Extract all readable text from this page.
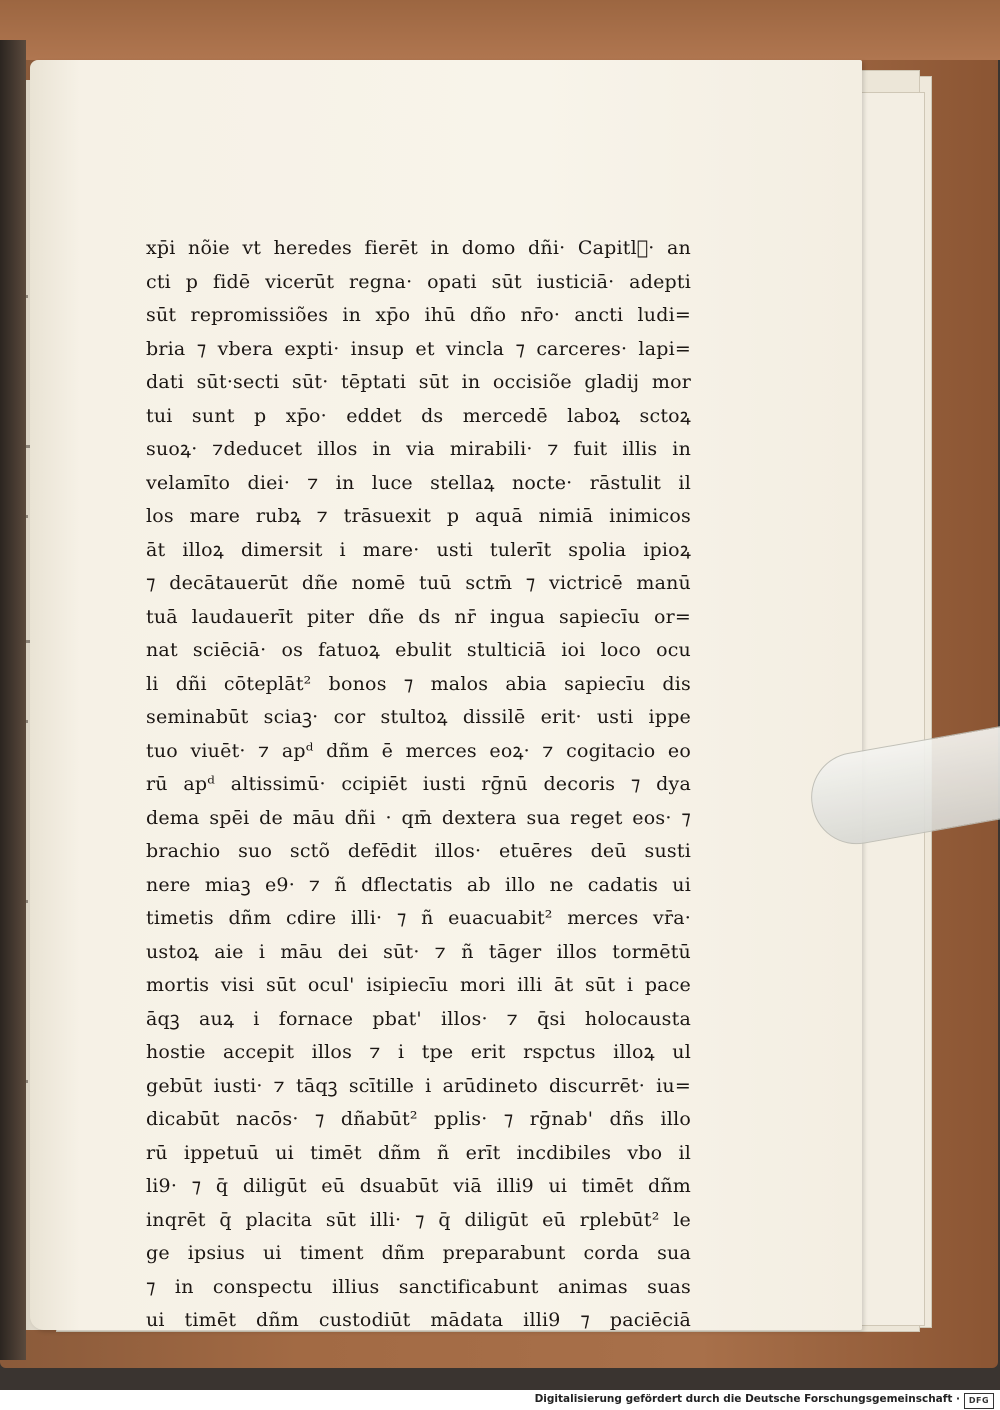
xp̄i nõie vt heredes fierēt in domo dñi· Capitlᷓ· an
cti p fidē vicerūt regna· opati sūt iusticiā· adepti
sūt repromissiões in xp̄o ihū dño nr̄o· ancti ludi=
bria ⁊ vbera expti· insup et vincla ⁊ carceres· lapi=
dati sūt·secti sūt· tēptati sūt in occisiõe gladij mor
tui sunt p xp̄o· eddet ds mercedē laboꝝ sctoꝝ
suoꝝ· ⁊deducet illos in via mirabili· ⁊ fuit illis in
velamīto diei· ⁊ in luce stellaꝝ nocte· rāstulit il
los mare rubꝝ ⁊ trāsuexit p aquā nimiā inimicos
āt illoꝝ dimersit i mare· usti tulerīt spolia ipioꝝ
⁊ decātauerūt dñe nomē tuū sctm̄ ⁊ victricē manū
tuā laudauerīt piter dñe ds nr̄ ingua sapiecīu or=
nat sciēciā· os fatuoꝝ ebulit stulticiā ioi loco ocu
li dñi cōteplāt² bonos ⁊ malos abia sapiecīu dis
seminabūt sciaꝫ· cor stultoꝝ dissilē erit· usti ippe
tuo viuēt· ⁊ apᵈ dñm ē merces eoꝝ· ⁊ cogitacio eo
rū apᵈ altissimū· ccipiēt iusti rḡnū decoris ⁊ dya
dema spēi de māu dñi · qm̄ dextera sua reget eos· ⁊
brachio suo sctõ defēdit illos· etuēres deū susti
nere miaꝫ e9· ⁊ ñ dflectatis ab illo ne cadatis ui
timetis dñm cdire illi· ⁊ ñ euacuabit² merces vr̄a·
ustoꝝ aie i māu dei sūt· ⁊ ñ tāger illos tormētū
mortis visi sūt ocul' isipiecīu mori illi āt sūt i pace
āqꝫ auꝝ i fornace pbat' illos· ⁊ q̄si holocausta
hostie accepit illos ⁊ i tpe erit rspctus illoꝝ ul
gebūt iusti· ⁊ tāqꝫ scītille i arūdineto discurrēt· iu=
dicabūt nacōs· ⁊ dñabūt² pplis· ⁊ rḡnab' dñs illo
rū ippetuū ui timēt dñm ñ erīt incdibiles vbo il
li9· ⁊ q̄ diligūt eū dsuabūt viā illi9 ui timēt dñm
inqrēt q̄ placita sūt illi· ⁊ q̄ diligūt eū rplebūt² le
ge ipsius ui timent dñm preparabunt corda sua
⁊ in conspectu illius sanctificabunt animas suas
ui timēt dñm custodiūt mādata illi9 ⁊ paciēciā
Digitalisierung gefördert durch die Deutsche Forschungsgemeinschaft ·	DFG
